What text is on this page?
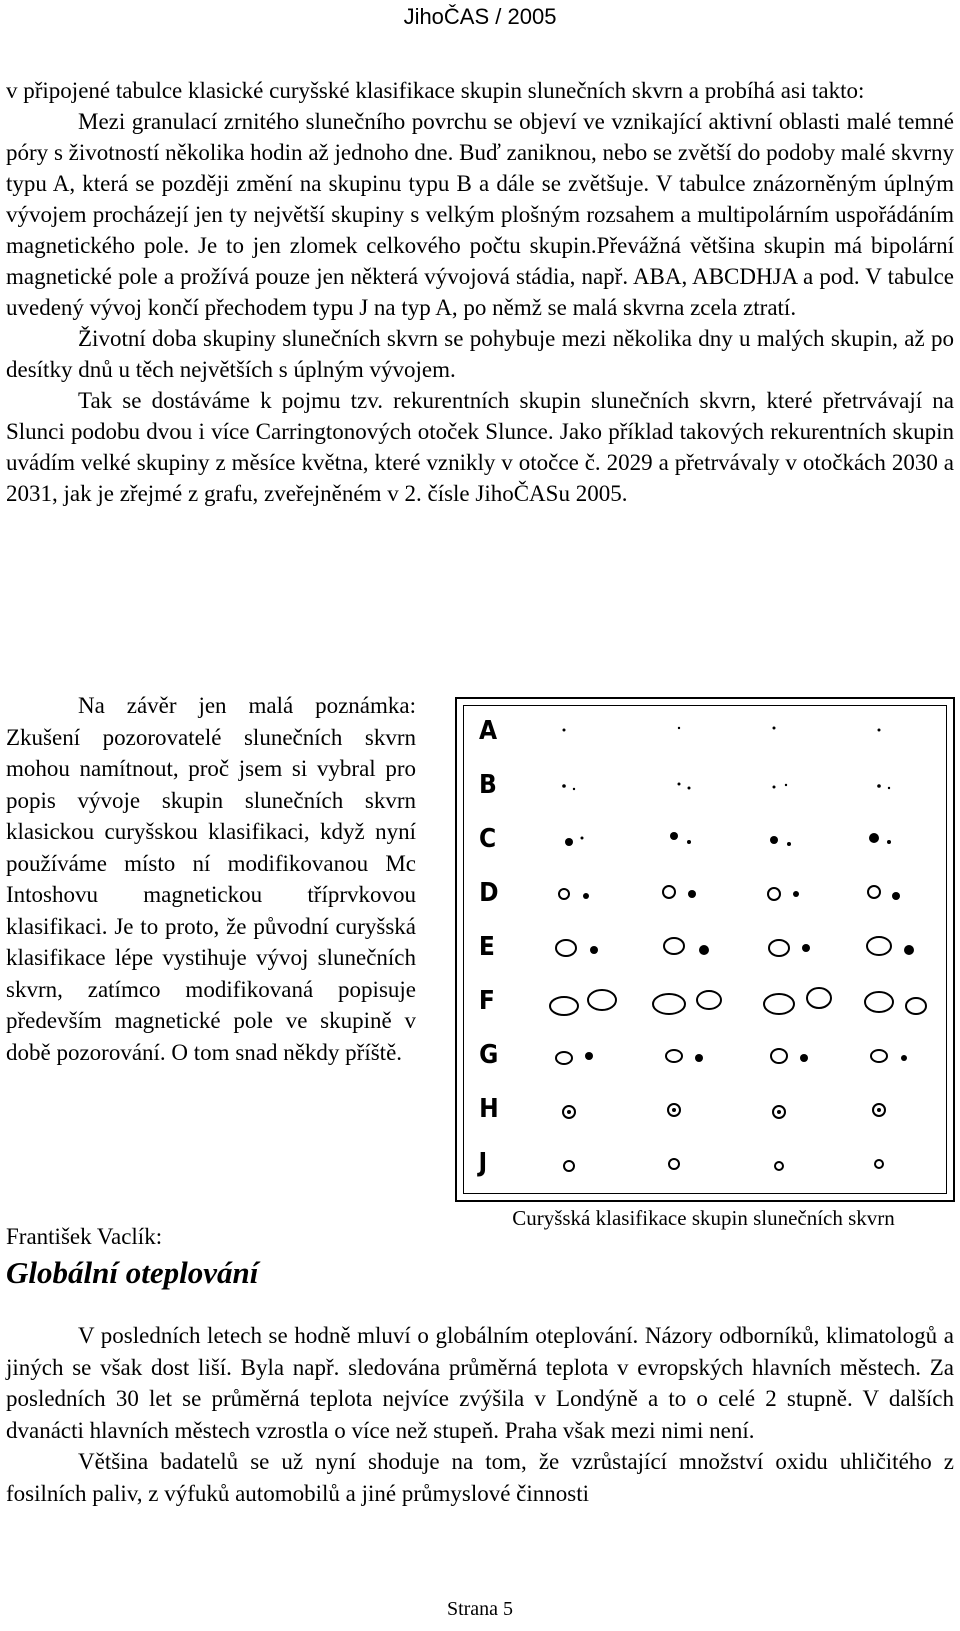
JihoČAS / 2005

v připojené tabulce klasické curyšské klasifikace skupin slunečních skvrn a probíhá asi takto:

Mezi granulací zrnitého slunečního povrchu se objeví ve vznikající aktivní oblasti malé temné póry s životností několika hodin až jednoho dne. Buď zaniknou, nebo se zvětší do podoby malé skvrny typu A, která se později změní na skupinu typu B a dále se zvětšuje. V tabulce znázorněným úplným vývojem procházejí jen ty největší skupiny s velkým plošným rozsahem a multipolárním uspořádáním magnetického pole. Je to jen zlomek celkového počtu skupin.Převážná většina skupin má bipolární magnetické pole a prožívá pouze jen některá vývojová stádia, např. ABA, ABCDHJA a pod. V tabulce uvedený vývoj končí přechodem typu J na typ A, po němž se malá skvrna zcela ztratí.

Životní doba skupiny slunečních skvrn se pohybuje mezi několika dny u malých skupin, až po desítky dnů u těch největších s úplným vývojem.

Tak se dostáváme k pojmu tzv. rekurentních skupin slunečních skvrn, které přetrvávají na Slunci podobu dvou i více Carringtonových otoček Slunce. Jako příklad takových rekurentních skupin uvádím velké skupiny z měsíce května, které vznikly v otočce č. 2029 a přetrvávaly v otočkách 2030 a 2031, jak je zřejmé z grafu, zveřejněném v 2. čísle JihoČASu 2005.

Na závěr jen malá poznámka: Zkušení pozorovatelé slunečních skvrn mohou namítnout, proč jsem si vybral pro popis vývoje skupin slunečních skvrn klasickou curyšskou klasifikaci, když nyní používáme místo ní modifikovanou Mc Intoshovu magnetickou tříprvkovou klasifikaci. Je to proto, že původní curyšská klasifikace lépe vystihuje vývoj slunečních skvrn, zatímco modifikovaná popisuje především magnetické pole ve skupině v době pozorování. O tom snad někdy příště.

A
B
C
D
E
F
G
H
J
Curyšská klasifikace skupin slunečních skvrn
František Vaclík:
Globální oteplování

V posledních letech se hodně mluví o globálním oteplování. Názory odborníků, klimatologů a jiných se však dost liší. Byla např. sledována průměrná teplota v evropských hlavních městech. Za posledních 30 let se průměrná teplota nejvíce zvýšila v Londýně a to o celé 2 stupně. V dalších dvanácti hlavních městech vzrostla o více než stupeň. Praha však mezi nimi není.

Většina badatelů se už nyní shoduje na tom, že vzrůstající množství oxidu uhličitého z fosilních paliv, z výfuků automobilů a jiné průmyslové činnosti

Strana 5
